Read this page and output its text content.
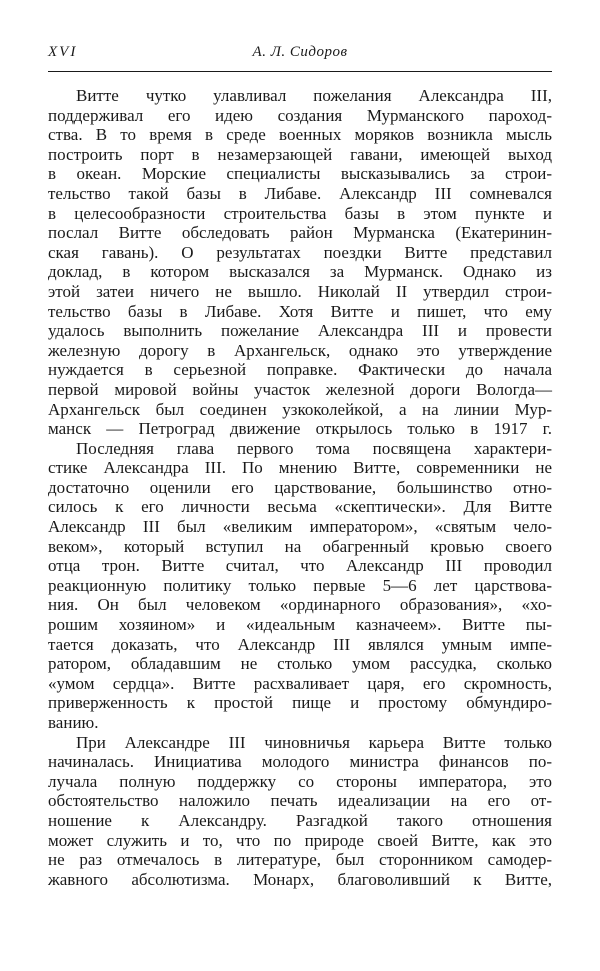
XVI	А. Л. Сидоров
Витте чутко улавливал пожелания Александра III,
поддерживал его идею создания Мурманского пароход-
ства. В то время в среде военных моряков возникла мысль
построить порт в незамерзающей гавани, имеющей выход
в океан. Морские специалисты высказывались за строи-
тельство такой базы в Либаве. Александр III сомневался
в целесообразности строительства базы в этом пункте и
послал Витте обследовать район Мурманска (Екатеринин-
ская гавань). О результатах поездки Витте представил
доклад, в котором высказался за Мурманск. Однако из
этой затеи ничего не вышло. Николай II утвердил строи-
тельство базы в Либаве. Хотя Витте и пишет, что ему
удалось выполнить пожелание Александра III и провести
железную дорогу в Архангельск, однако это утверждение
нуждается в серьезной поправке. Фактически до начала
первой мировой войны участок железной дороги Вологда—
Архангельск был соединен узкоколейкой, а на линии Мур-
манск — Петроград движение открылось только в 1917 г.
Последняя глава первого тома посвящена характери-
стике Александра III. По мнению Витте, современники не
достаточно оценили его царствование, большинство отно-
силось к его личности весьма «скептически». Для Витте
Александр III был «великим императором», «святым чело-
веком», который вступил на обагренный кровью своего
отца трон. Витте считал, что Александр III проводил
реакционную политику только первые 5—6 лет царствова-
ния. Он был человеком «ординарного образования», «хо-
рошим хозяином» и «идеальным казначеем». Витте пы-
тается доказать, что Александр III являлся умным импе-
ратором, обладавшим не столько умом рассудка, сколько
«умом сердца». Витте расхваливает царя, его скромность,
приверженность к простой пище и простому обмундиро-
ванию.
При Александре III чиновничья карьера Витте только
начиналась. Инициатива молодого министра финансов по-
лучала полную поддержку со стороны императора, это
обстоятельство наложило печать идеализации на его от-
ношение к Александру. Разгадкой такого отношения
может служить и то, что по природе своей Витте, как это
не раз отмечалось в литературе, был сторонником самодер-
жавного абсолютизма. Монарх, благоволивший к Витте,
